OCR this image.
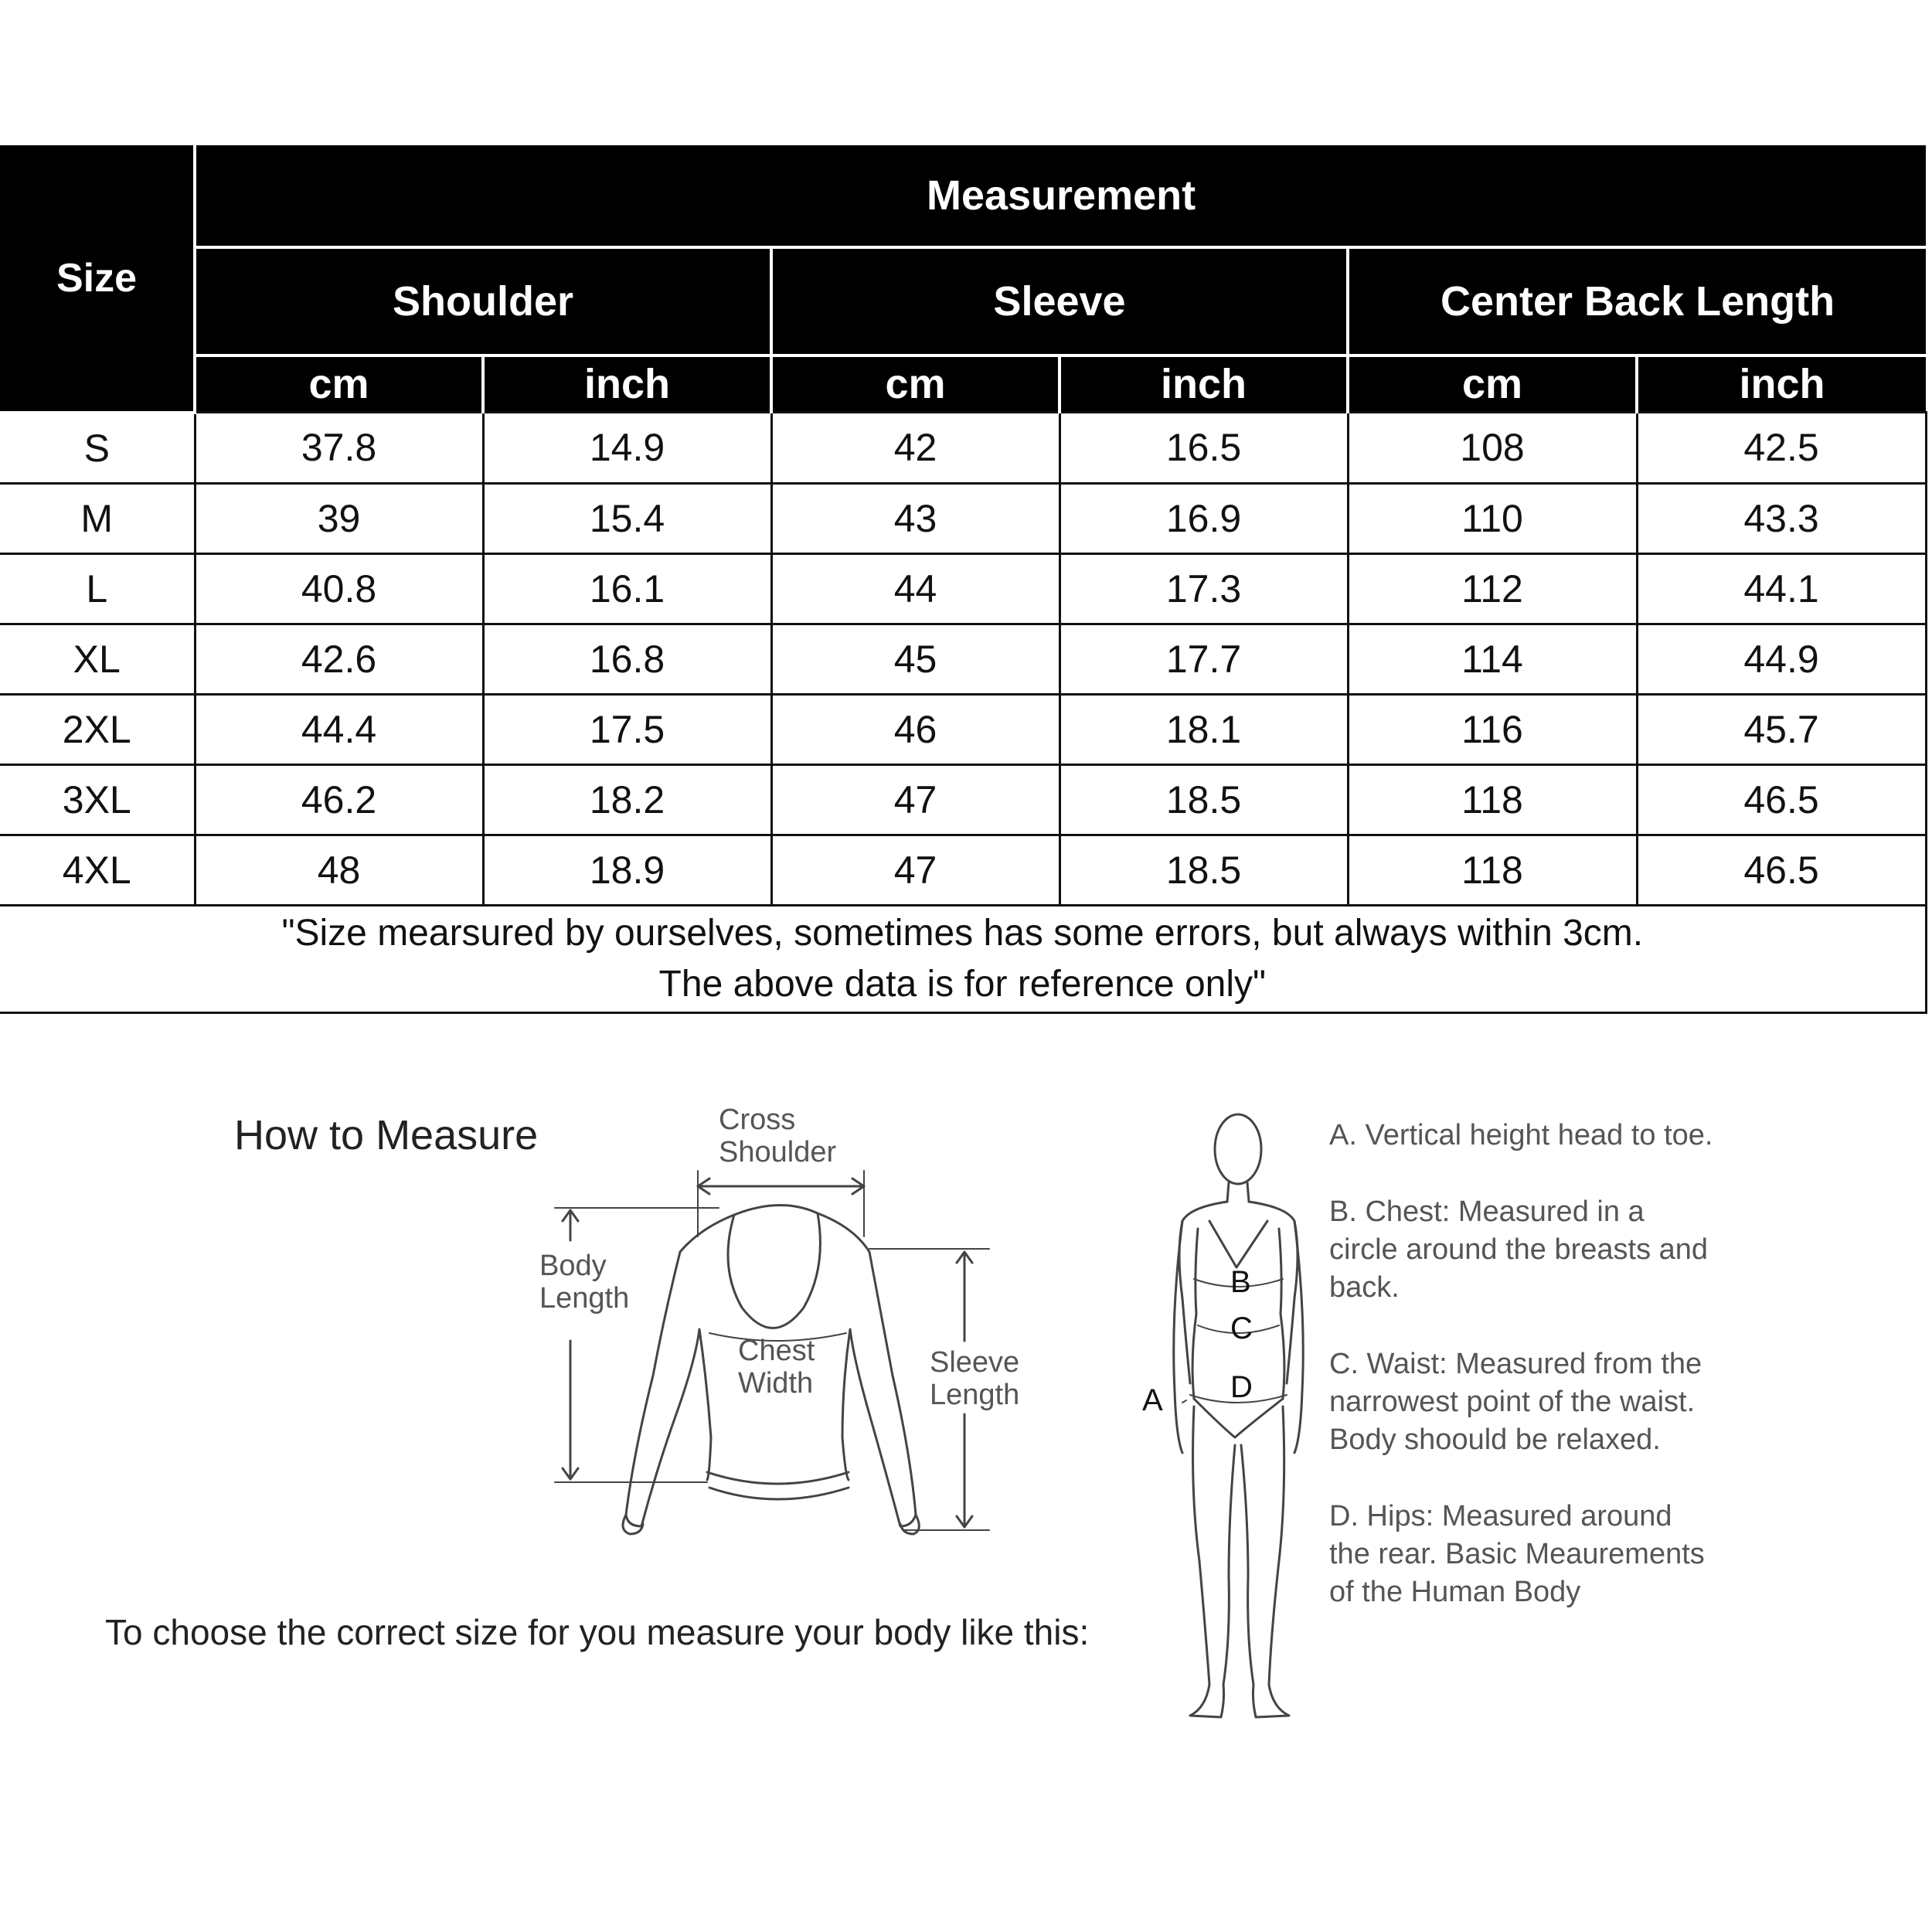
Size	Measurement					
	Shoulder		Sleeve		Center Back Length	
	cm	inch	cm	inch	cm	inch
S	37.8	14.9	42	16.5	108	42.5
M	39	15.4	43	16.9	110	43.3
L	40.8	16.1	44	17.3	112	44.1
XL	42.6	16.8	45	17.7	114	44.9
2XL	44.4	17.5	46	18.1	116	45.7
3XL	46.2	18.2	47	18.5	118	46.5
4XL	48	18.9	47	18.5	118	46.5

"Size mearsured by ourselves, sometimes has some errors, but always within 3cm.
The above data is for reference only"						
How to Measure
To choose the correct size for you measure your body like this:
A
B
C
D
Cross
Shoulder
Body
Length
Chest
Width
Sleeve
Length
A. Vertical height head to toe.
B. Chest: Measured in a circle around the breasts and back.
C. Waist: Measured from the narrowest point of the waist. Body shoould be relaxed.
D. Hips: Measured around the rear. Basic Meaurements of the Human Body
